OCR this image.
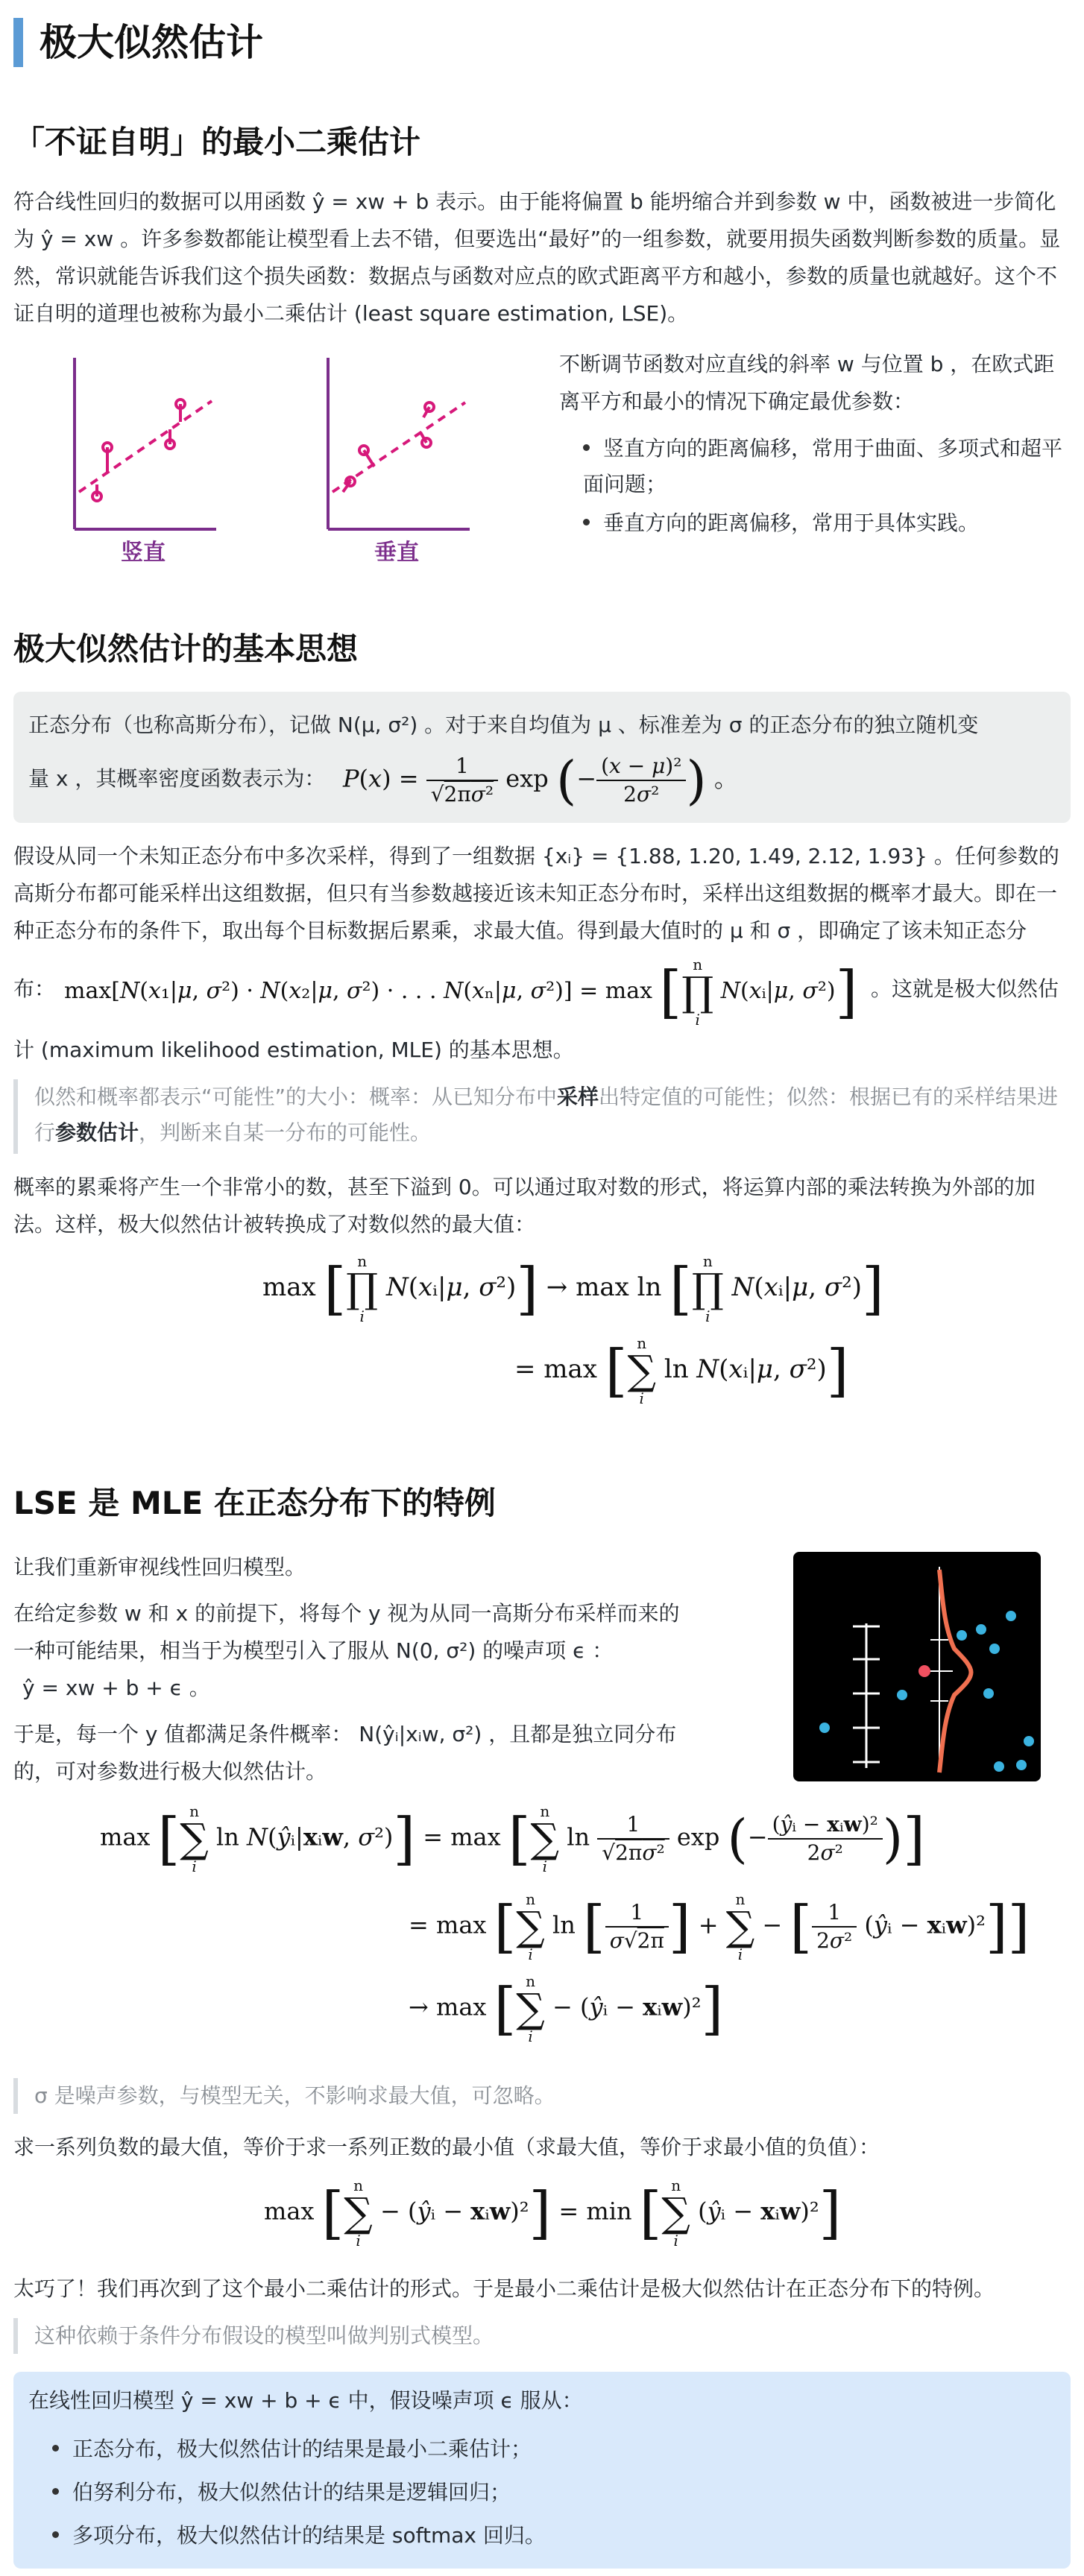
极大似然估计
「不证自明」的最小二乘估计
符合线性回归的数据可以用函数 ŷ = xw + b 表示。由于能将偏置 b 能坍缩合并到参数 w 中，函数被进一步简化为 ŷ = xw 。许多参数都能让模型看上去不错，但要选出“最好”的一组参数，就要用损失函数判断参数的质量。显然，常识就能告诉我们这个损失函数：数据点与函数对应点的欧式距离平方和越小，参数的质量也就越好。这个不证自明的道理也被称为最小二乘估计 (least square estimation, LSE)。
竖直	垂直
不断调节函数对应直线的斜率 w 与位置 b ，在欧式距离平方和最小的情况下确定最优参数：
竖直方向的距离偏移，常用于曲面、多项式和超平面问题；
垂直方向的距离偏移，常用于具体实践。
极大似然估计的基本思想
正态分布（也称高斯分布），记做 N(μ, σ²) 。对于来自均值为 μ 、标准差为 σ 的正态分布的独立随机变
量 x ，其概率密度函数表示为： $P(x) = \frac{1}{\text{√2πσ²}}$ exp (− $\frac{\text{(x − μ)²}}{\text{2σ²}}$ ) 。
假设从同一个未知正态分布中多次采样，得到了一组数据 {xᵢ} = {1.88, 1.20, 1.49, 2.12, 1.93} 。任何参数的
高斯分布都可能采样出这组数据，但只有当参数越接近该未知正态分布时，采样出这组数据的概率才最大。即在一
种正态分布的条件下，取出每个目标数据后累乘，求最大值。得到最大值时的 μ 和 σ ，即确定了该未知正态分
布： max[N(x₁|μ, σ²) · N(x₂|μ, σ²) · . . . N(xₙ|μ, σ²)] = max [ n
∏
i N(xᵢ|μ, σ²)] 。这就是极大似然估
计 (maximum likelihood estimation, MLE) 的基本思想。
似然和概率都表示“可能性”的大小：概率：从已知分布中采样出特定值的可能性；似然：根据已有的采样结果进
行参数估计，判断来自某一分布的可能性。
概率的累乘将产生一个非常小的数，甚至下溢到 0。可以通过取对数的形式，将运算内部的乘法转换为外部的加
法。这样，极大似然估计被转换成了对数似然的最大值：
max [ n
∏
i N(xᵢ|μ, σ²)] → max ln [ n
∏
i N(xᵢ|μ, σ²)]
= max [ n
∑
i ln N(xᵢ|μ, σ²)]
LSE 是 MLE 在正态分布下的特例
让我们重新审视线性回归模型。
在给定参数 w 和 x 的前提下，将每个 y 视为从同一高斯分布采样而来的
一种可能结果，相当于为模型引入了服从 N(0, σ²) 的噪声项 ϵ ：
ŷ = xw + b + ϵ 。
于是，每一个 y 值都满足条件概率： N(ŷᵢ|xᵢw, σ²) ，且都是独立同分布
的，可对参数进行极大似然估计。
max [ n
∑
i ln N(ŷᵢ|xᵢw, σ²)] = max [ n
∑
i $\ln \frac{1}{\text{√2πσ²}}$ exp (− $\frac{\text{(ŷᵢ − xᵢw)²}}{\text{2σ²}}$ )]
= max [ n
∑
i ln [ $\frac{1}{\sigma√2\pi}$ ] + n
∑
i − [ $\frac{1}{\text{2σ²}}$ (ŷᵢ − xᵢw)²]]
→ max [ n
∑
i − (ŷᵢ − xᵢw)²]
σ 是噪声参数，与模型无关，不影响求最大值，可忽略。
求一系列负数的最大值，等价于求一系列正数的最小值（求最大值，等价于求最小值的负值）：
max [ n
∑
i − (ŷᵢ − xᵢw)²] = min [ n
∑
i (ŷᵢ − xᵢw)²]
太巧了！我们再次到了这个最小二乘估计的形式。于是最小二乘估计是极大似然估计在正态分布下的特例。
这种依赖于条件分布假设的模型叫做判别式模型。
在线性回归模型 ŷ = xw + b + ϵ 中，假设噪声项 ϵ 服从：
正态分布，极大似然估计的结果是最小二乘估计；
伯努利分布，极大似然估计的结果是逻辑回归；
多项分布，极大似然估计的结果是 softmax 回归。
